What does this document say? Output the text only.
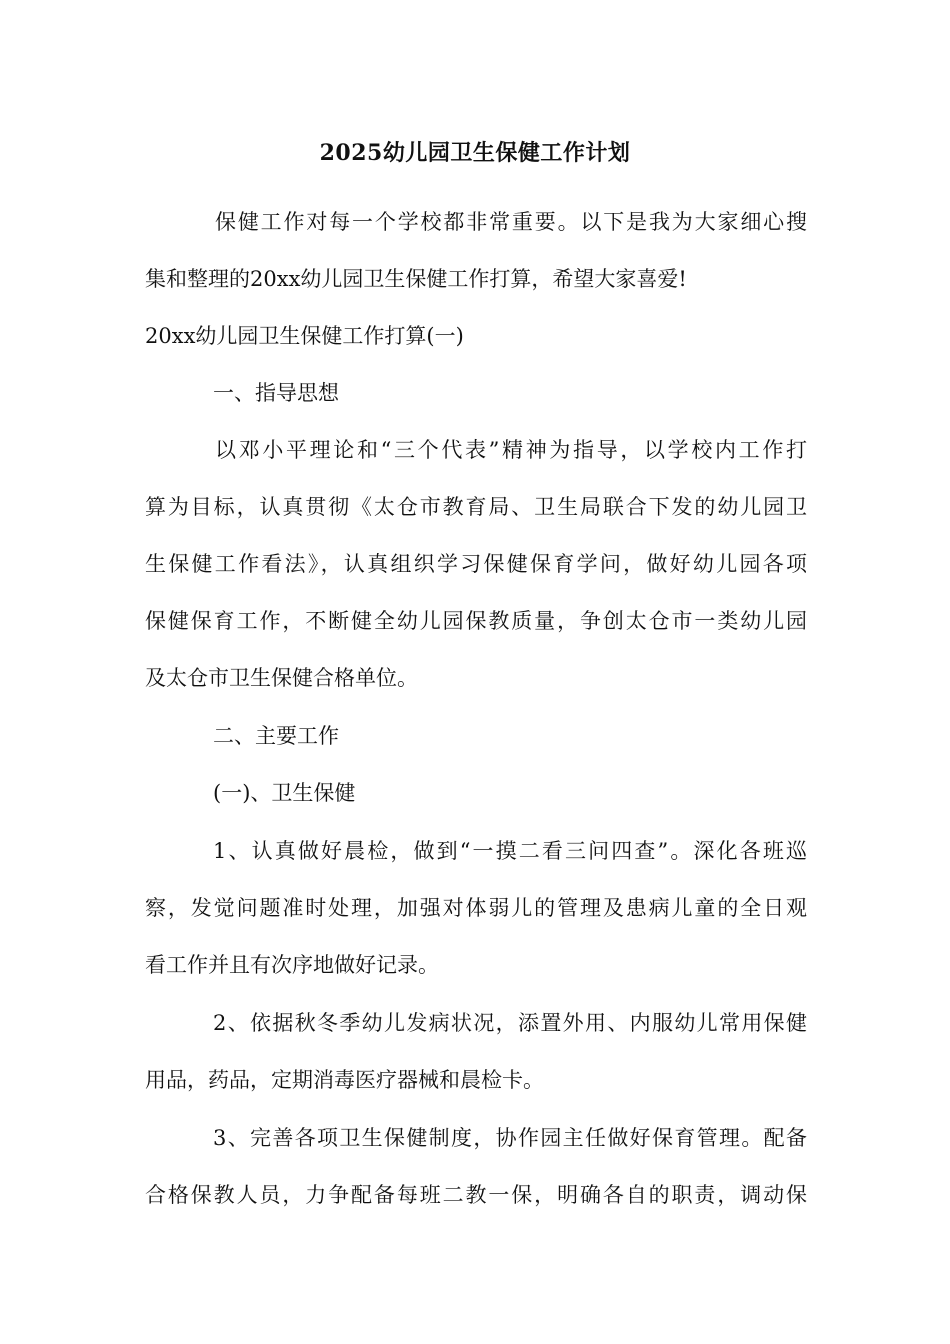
2025幼儿园卫生保健工作计划
保健工作对每一个学校都非常重要。以下是我为大家细心搜
集和整理的20xx幼儿园卫生保健工作打算，希望大家喜爱!
20xx幼儿园卫生保健工作打算(一)
一、指导思想
以邓小平理论和“三个代表”精神为指导，以学校内工作打
算为目标，认真贯彻《太仓市教育局、卫生局联合下发的幼儿园卫
生保健工作看法》，认真组织学习保健保育学问，做好幼儿园各项
保健保育工作，不断健全幼儿园保教质量，争创太仓市一类幼儿园
及太仓市卫生保健合格单位。
二、主要工作
(一)、卫生保健
1、认真做好晨检，做到“一摸二看三问四查”。深化各班巡
察，发觉问题准时处理，加强对体弱儿的管理及患病儿童的全日观
看工作并且有次序地做好记录。
2、依据秋冬季幼儿发病状况，添置外用、内服幼儿常用保健
用品，药品，定期消毒医疗器械和晨检卡。
3、完善各项卫生保健制度，协作园主任做好保育管理。配备
合格保教人员，力争配备每班二教一保，明确各自的职责，调动保
